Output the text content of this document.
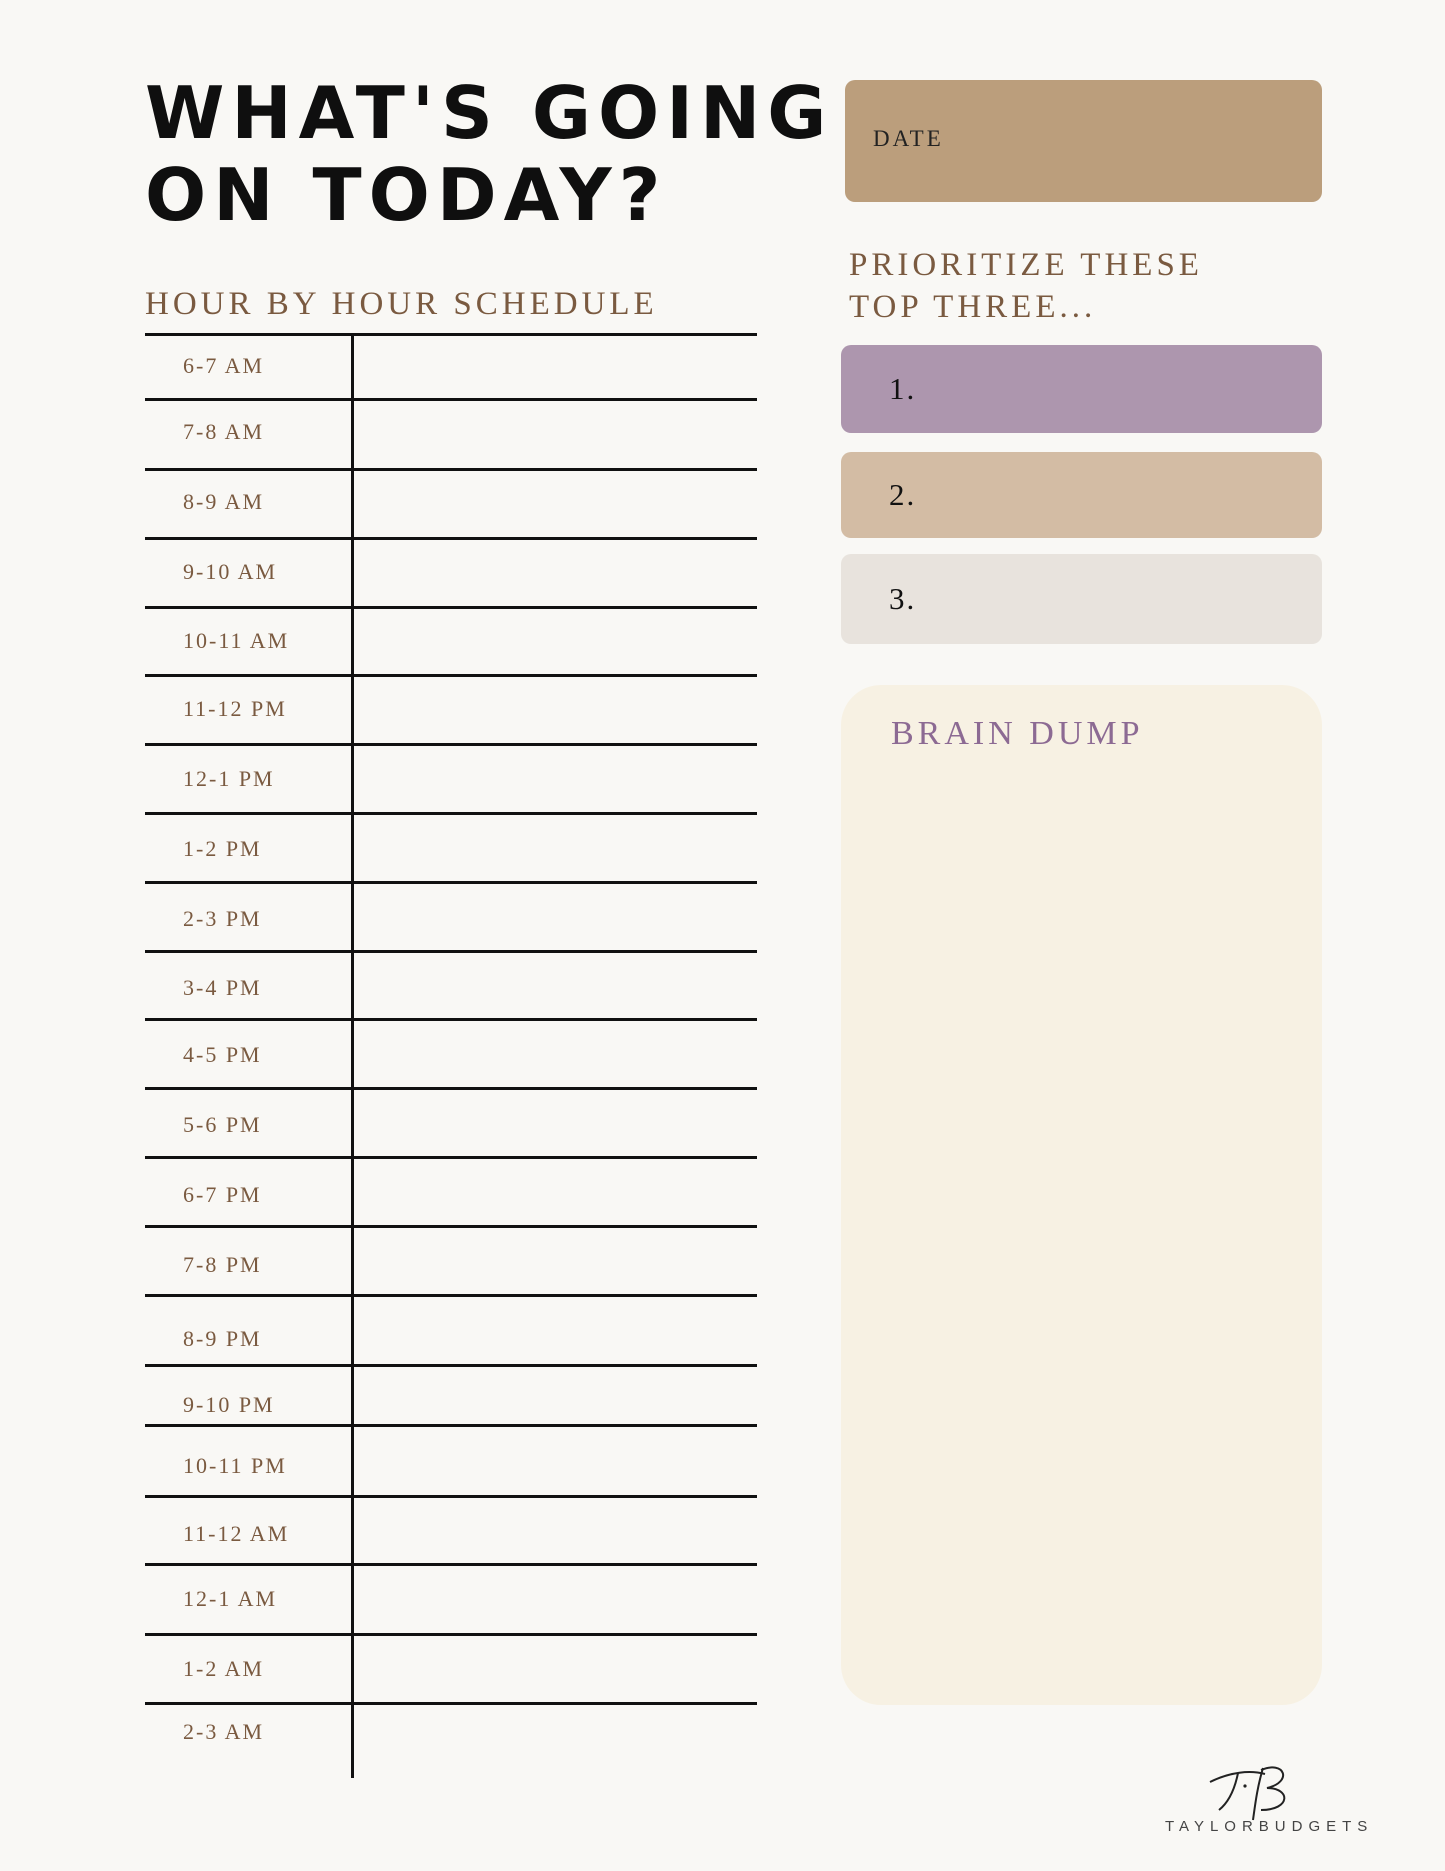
WHAT'S GOING
ON TODAY?
HOUR BY HOUR SCHEDULE
6-7 AM
7-8 AM
8-9 AM
9-10 AM
10-11 AM
11-12 PM
12-1 PM
1-2 PM
2-3 PM
3-4 PM
4-5 PM
5-6 PM
6-7 PM
7-8 PM
8-9 PM
9-10 PM
10-11 PM
11-12 AM
12-1 AM
1-2 AM
2-3 AM
DATE
PRIORITIZE THESE
TOP THREE...
1.
2.
3.
BRAIN DUMP
TAYLORBUDGETS
